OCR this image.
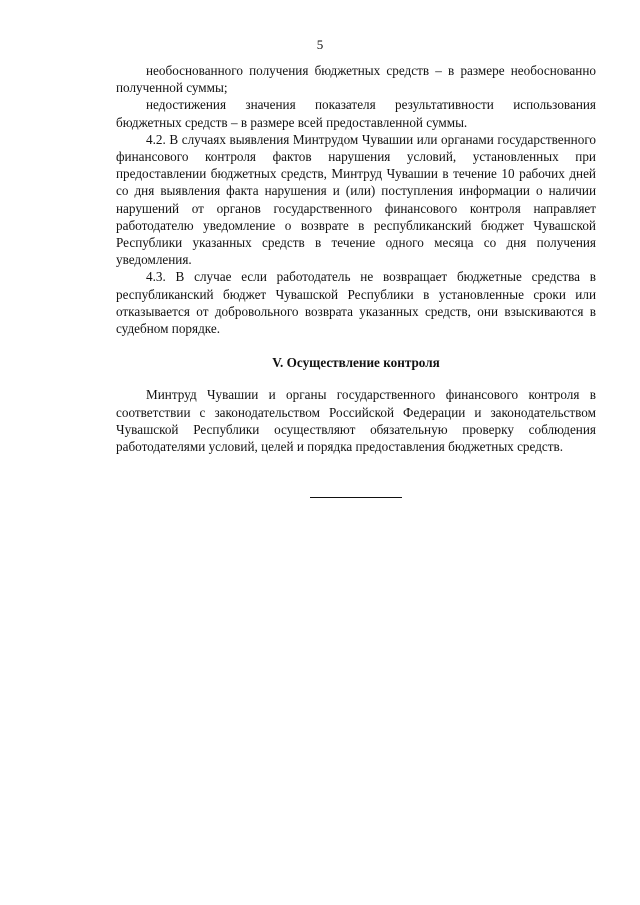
5

необоснованного получения бюджетных средств – в размере необоснованно полученной суммы;

недостижения значения показателя результативности использования бюджетных средств – в размере всей предоставленной суммы.

4.2. В случаях выявления Минтрудом Чувашии или органами государственного финансового контроля фактов нарушения условий, установленных при предоставлении бюджетных средств, Минтруд Чувашии в течение 10 рабочих дней со дня выявления факта нарушения и (или) поступления информации о наличии нарушений от органов государственного финансового контроля направляет работодателю уведомление о возврате в республиканский бюджет Чувашской Республики указанных средств в течение одного месяца со дня получения уведомления.

4.3. В случае если работодатель не возвращает бюджетные средства в республиканский бюджет Чувашской Республики в установленные сроки или отказывается от добровольного возврата указанных средств, они взыскиваются в судебном порядке.

V. Осуществление контроля

Минтруд Чувашии и органы государственного финансового контроля в соответствии с законодательством Российской Федерации и законодательством Чувашской Республики осуществляют обязательную проверку соблюдения работодателями условий, целей и порядка предоставления бюджетных средств.
